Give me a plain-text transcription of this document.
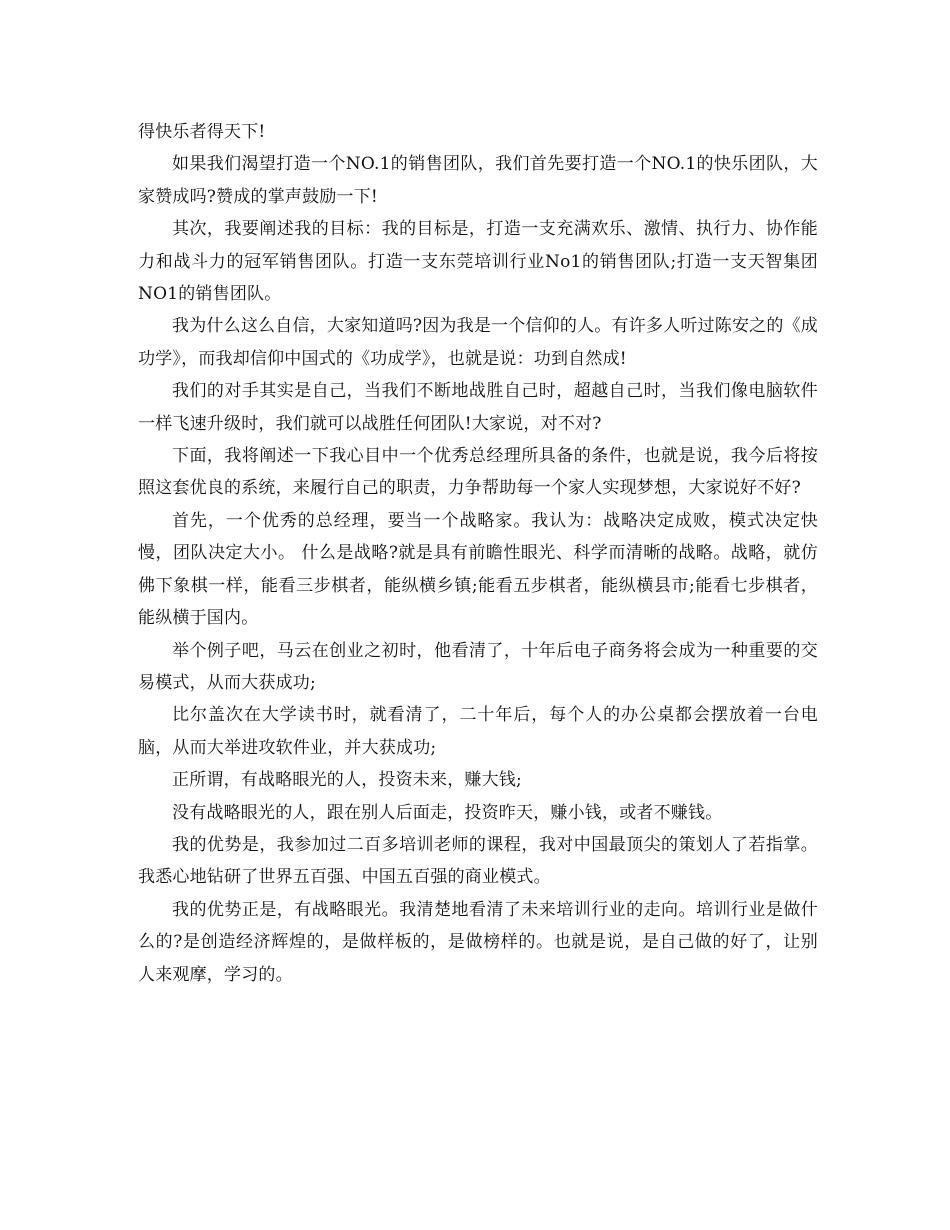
得快乐者得天下!

如果我们渴望打造一个NO.1的销售团队，我们首先要打造一个NO.1的快乐团队，大家赞成吗?赞成的掌声鼓励一下!

其次，我要阐述我的目标：我的目标是，打造一支充满欢乐、激情、执行力、协作能力和战斗力的冠军销售团队。打造一支东莞培训行业No1的销售团队;打造一支天智集团NO1的销售团队。

我为什么这么自信，大家知道吗?因为我是一个信仰的人。有许多人听过陈安之的《成功学》，而我却信仰中国式的《功成学》，也就是说：功到自然成!

我们的对手其实是自己，当我们不断地战胜自己时，超越自己时，当我们像电脑软件一样飞速升级时，我们就可以战胜任何团队!大家说，对不对?

下面，我将阐述一下我心目中一个优秀总经理所具备的条件，也就是说，我今后将按照这套优良的系统，来履行自己的职责，力争帮助每一个家人实现梦想，大家说好不好?

首先，一个优秀的总经理，要当一个战略家。我认为：战略决定成败，模式决定快慢，团队决定大小。 什么是战略?就是具有前瞻性眼光、科学而清晰的战略。战略，就仿佛下象棋一样，能看三步棋者，能纵横乡镇;能看五步棋者，能纵横县市;能看七步棋者，能纵横于国内。

举个例子吧，马云在创业之初时，他看清了，十年后电子商务将会成为一种重要的交易模式，从而大获成功;

比尔盖次在大学读书时，就看清了，二十年后，每个人的办公桌都会摆放着一台电脑，从而大举进攻软件业，并大获成功;

正所谓，有战略眼光的人，投资未来，赚大钱;

没有战略眼光的人，跟在别人后面走，投资昨天，赚小钱，或者不赚钱。

我的优势是，我参加过二百多培训老师的课程，我对中国最顶尖的策划人了若指掌。我悉心地钻研了世界五百强、中国五百强的商业模式。

我的优势正是，有战略眼光。我清楚地看清了未来培训行业的走向。培训行业是做什么的?是创造经济辉煌的，是做样板的，是做榜样的。也就是说，是自己做的好了，让别人来观摩，学习的。
